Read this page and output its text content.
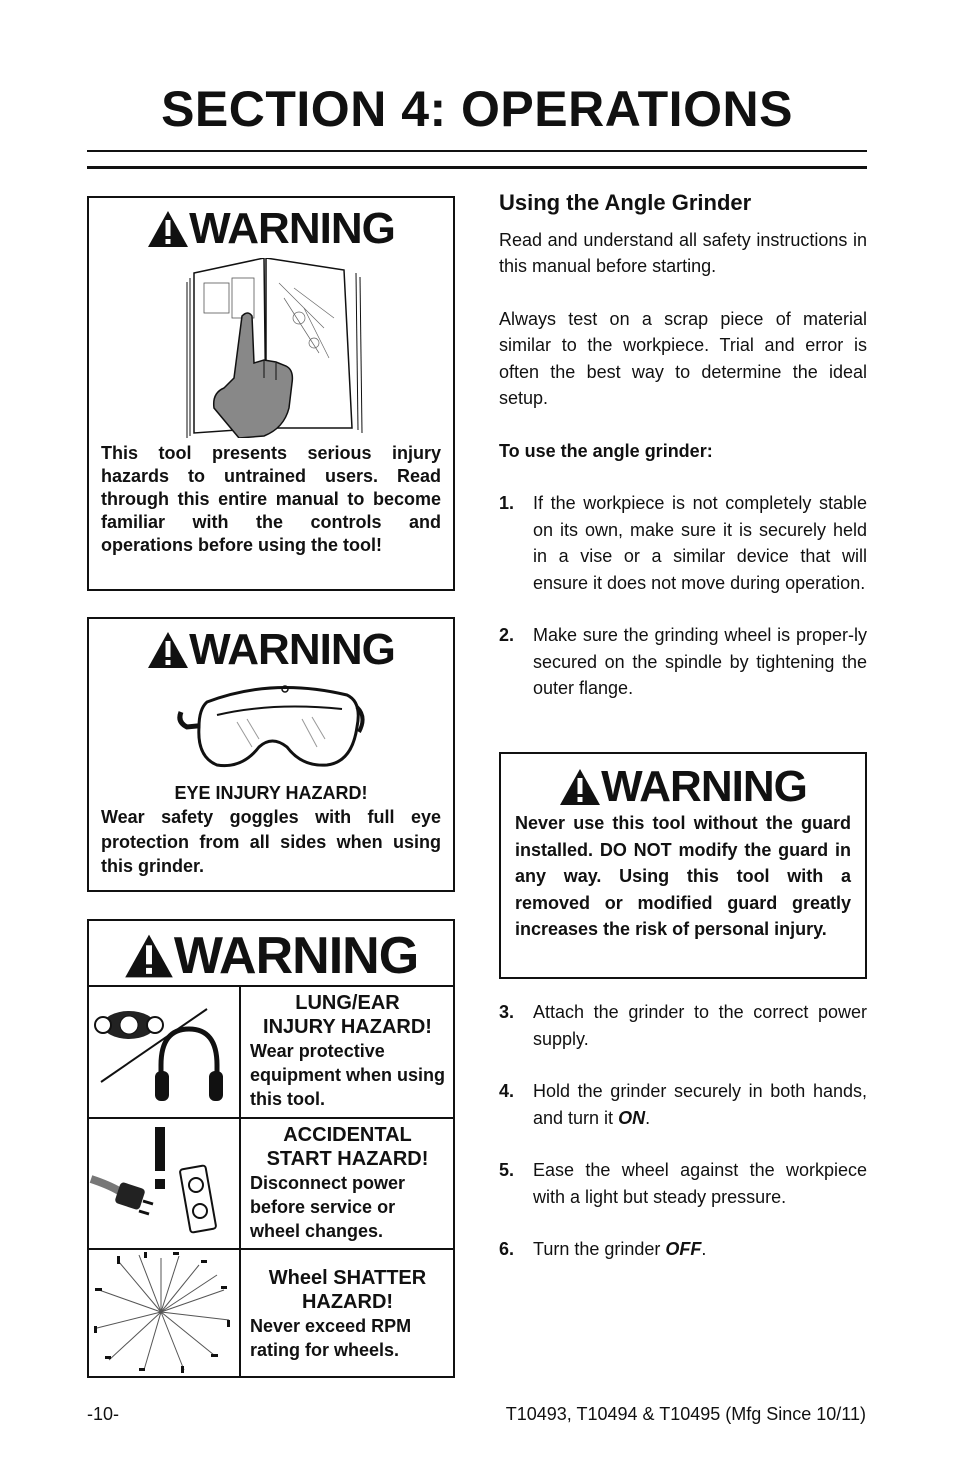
SECTION 4: OPERATIONS
WARNING
This tool presents serious injury hazards to untrained users. Read through this entire manual to become familiar with the controls and operations before using the tool!
WARNING
EYE INJURY HAZARD!
Wear safety goggles with full eye protection from all sides when using this grinder.
WARNING
LUNG/EAR
INJURY HAZARD!
Wear protective equipment when using this tool.
ACCIDENTAL
START HAZARD!
Disconnect power before service or wheel changes.
Wheel SHATTER
HAZARD!
Never exceed RPM rating for wheels.
Using the Angle Grinder
Read and understand all safety instructions in this manual before starting.
Always test on a scrap piece of material similar to the workpiece. Trial and error is often the best way to determine the ideal setup.
To use the angle grinder:
1.	If the workpiece is not completely stable on its own, make sure it is securely held in a vise or a similar device that will ensure it does not move during operation.
2.	Make sure the grinding wheel is proper-ly secured on the spindle by tightening the outer flange.
WARNING
Never use this tool without the guard installed. DO NOT modify the guard in any way. Using this tool with a removed or modified guard greatly increases the risk of personal injury.
3.	Attach the grinder to the correct power supply.
4.	Hold the grinder securely in both hands, and turn it ON.
5.	Ease the wheel against the workpiece with a light but steady pressure.
6.	Turn the grinder OFF.
-10-	T10493, T10494 & T10495 (Mfg Since 10/11)
